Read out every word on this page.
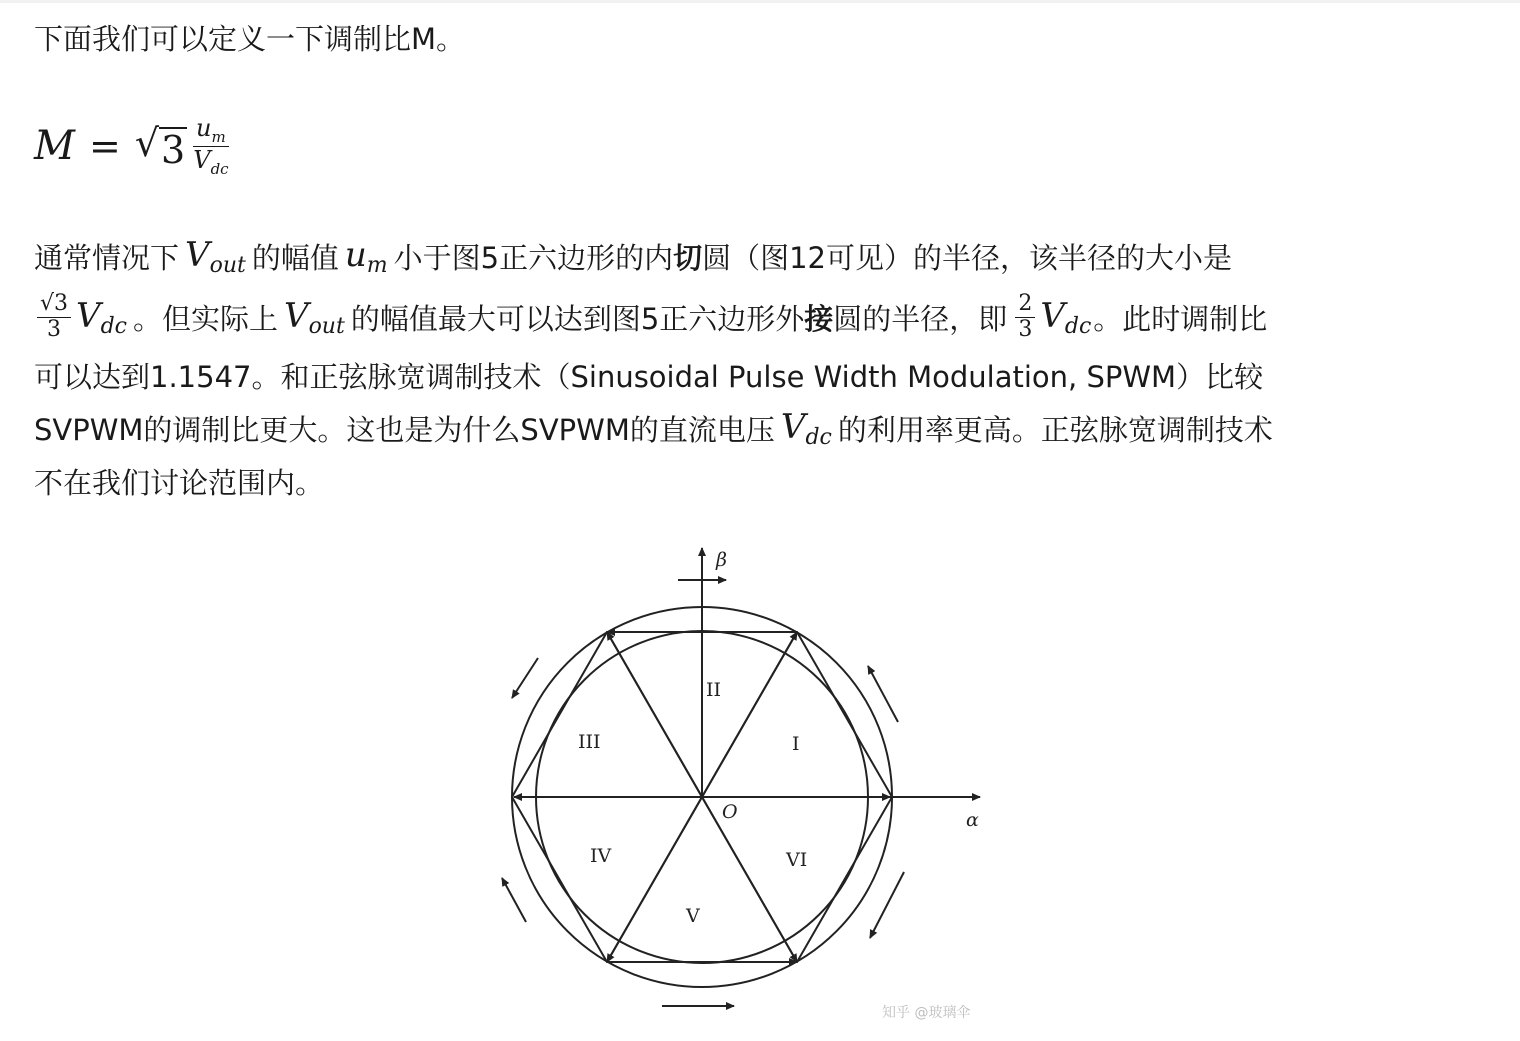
下面我们可以定义一下调制比M。

M = √ $3 \frac{u_m}{V_{dc}}$
通常情况下 $V_{out}$ 的幅值 $u_m$ 小于图5正六边形的内 切 圆（图12可见）的半径，该半径的大小是
$\frac{√3}{3} V_{dc}$ 。但实际上 $V_{out}$ 的幅值最大可以达到图5正六边形外 接 圆的半径，即 $\frac{2}{3} V_{dc}$ 。此时调制比
可以达到1.1547。和正弦脉宽调制技术（Sinusoidal Pulse Width Modulation, SPWM）比较
SVPWM的调制比更大。这也是为什么SVPWM的直流电压 $V_{dc}$ 的利用率更高。正弦脉宽调制技术
不在我们讨论范围内。
β
α
O
I
II
III
IV
V
VI
知乎 @玻璃伞
